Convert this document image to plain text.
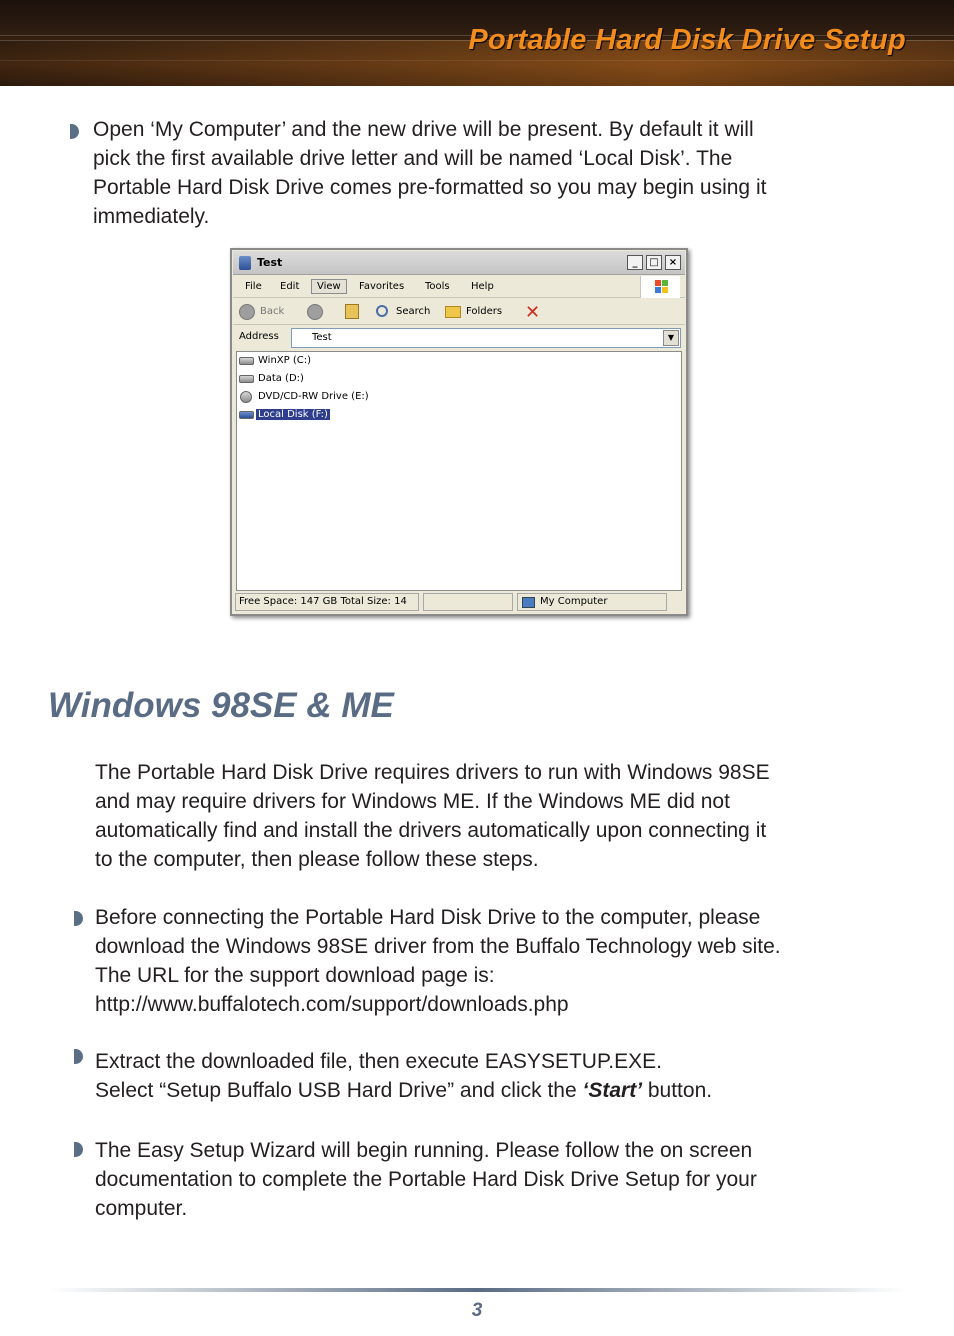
Portable Hard Disk Drive Setup
Open ‘My Computer’ and the new drive will be present. By default it will
pick the first available drive letter and will be named ‘Local Disk’. The
Portable Hard Disk Drive comes pre-formatted so you may begin using it
immediately.
Test	_	□	×
File Edit	View	Favorites Tools Help
Back	Search	Folders ✕
Address	Test	▼
WinXP (C:)
Data (D:)
DVD/CD-RW Drive (E:)
Local Disk (F:)
Free Space: 147 GB Total Size: 14	My Computer
Windows 98SE & ME
The Portable Hard Disk Drive requires drivers to run with Windows 98SE
and may require drivers for Windows ME. If the Windows ME did not
automatically find and install the drivers automatically upon connecting it
to the computer, then please follow these steps.
Before connecting the Portable Hard Disk Drive to the computer, please
download the Windows 98SE driver from the Buffalo Technology web site.
The URL for the support download page is:
http://www.buffalotech.com/support/downloads.php
Extract the downloaded file, then execute EASYSETUP.EXE.
Select “Setup Buffalo USB Hard Drive” and click the ‘Start’ button.
The Easy Setup Wizard will begin running. Please follow the on screen
documentation to complete the Portable Hard Disk Drive Setup for your
computer.
3
